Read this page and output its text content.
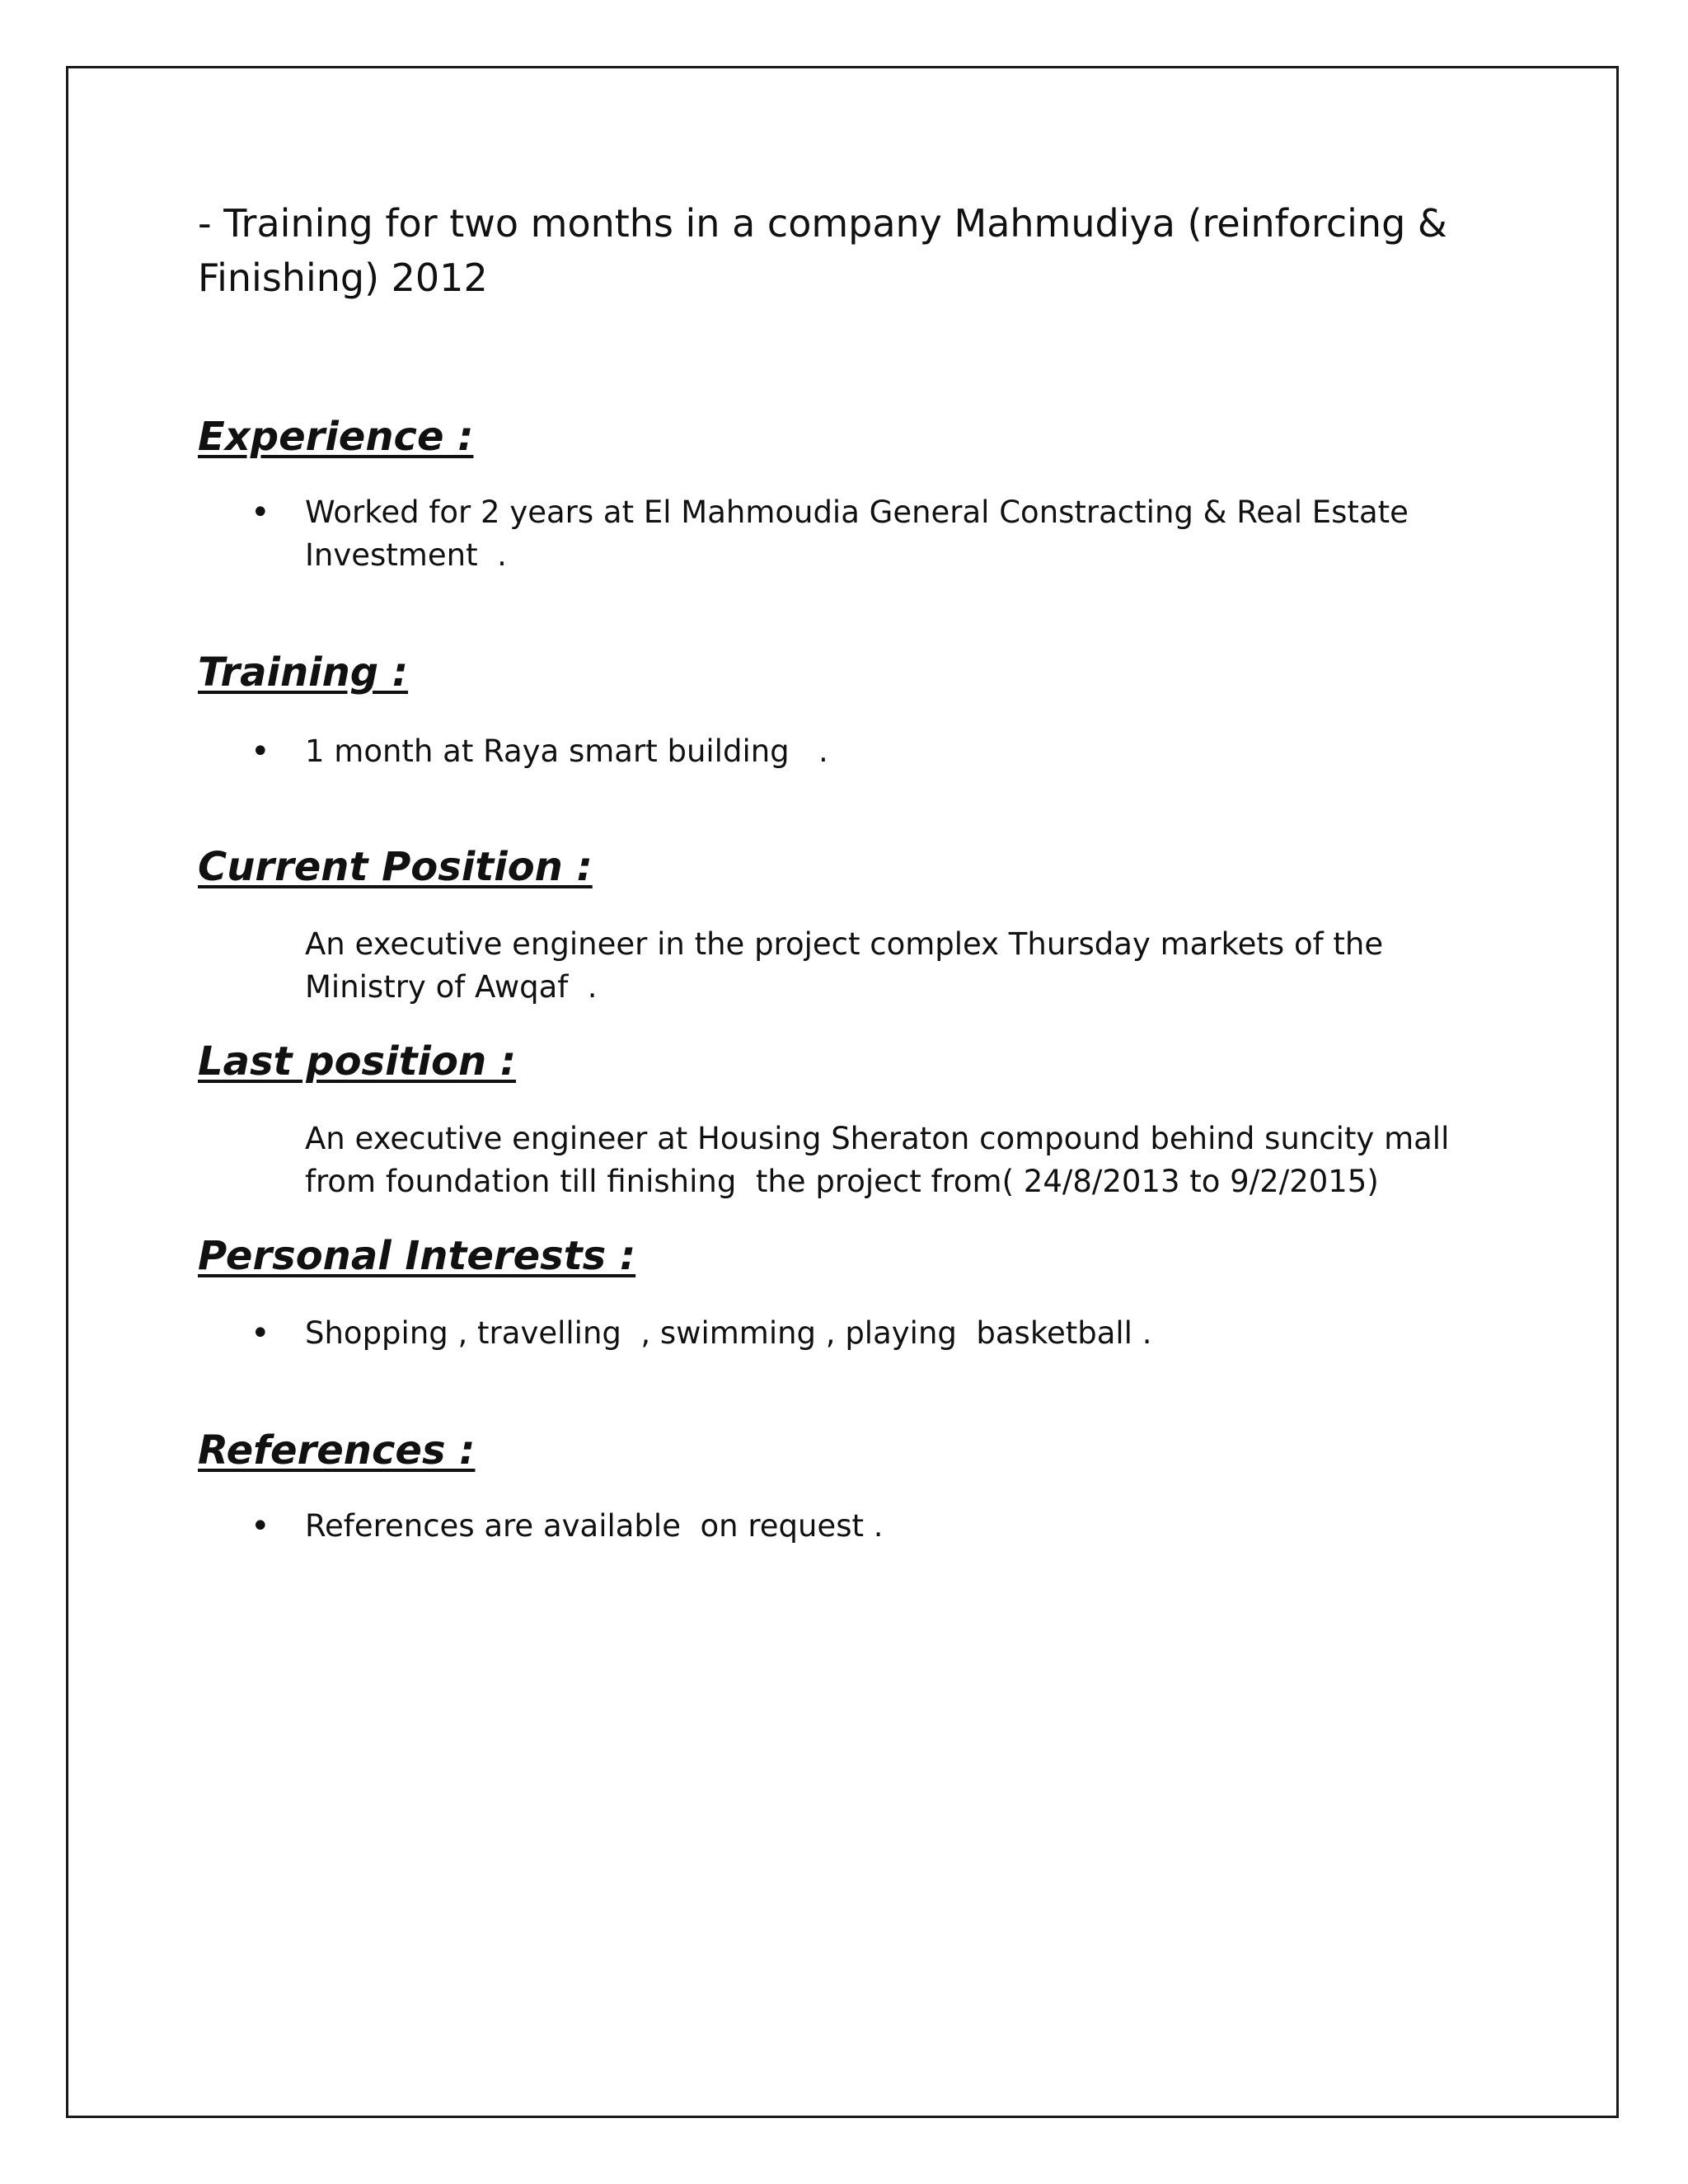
- Training for two months in a company Mahmudiya (reinforcing &
Finishing) 2012
Experience :
• Worked for 2 years at El Mahmoudia General Constracting & Real Estate
Investment  .
Training :
• 1 month at Raya smart building   .
Current Position :
An executive engineer in the project complex Thursday markets of the
Ministry of Awqaf  .
Last position :
An executive engineer at Housing Sheraton compound behind suncity mall
from foundation till finishing  the project from( 24/8/2013 to 9/2/2015)
Personal Interests :
• Shopping , travelling  , swimming , playing  basketball .
References :
• References are available  on request .
